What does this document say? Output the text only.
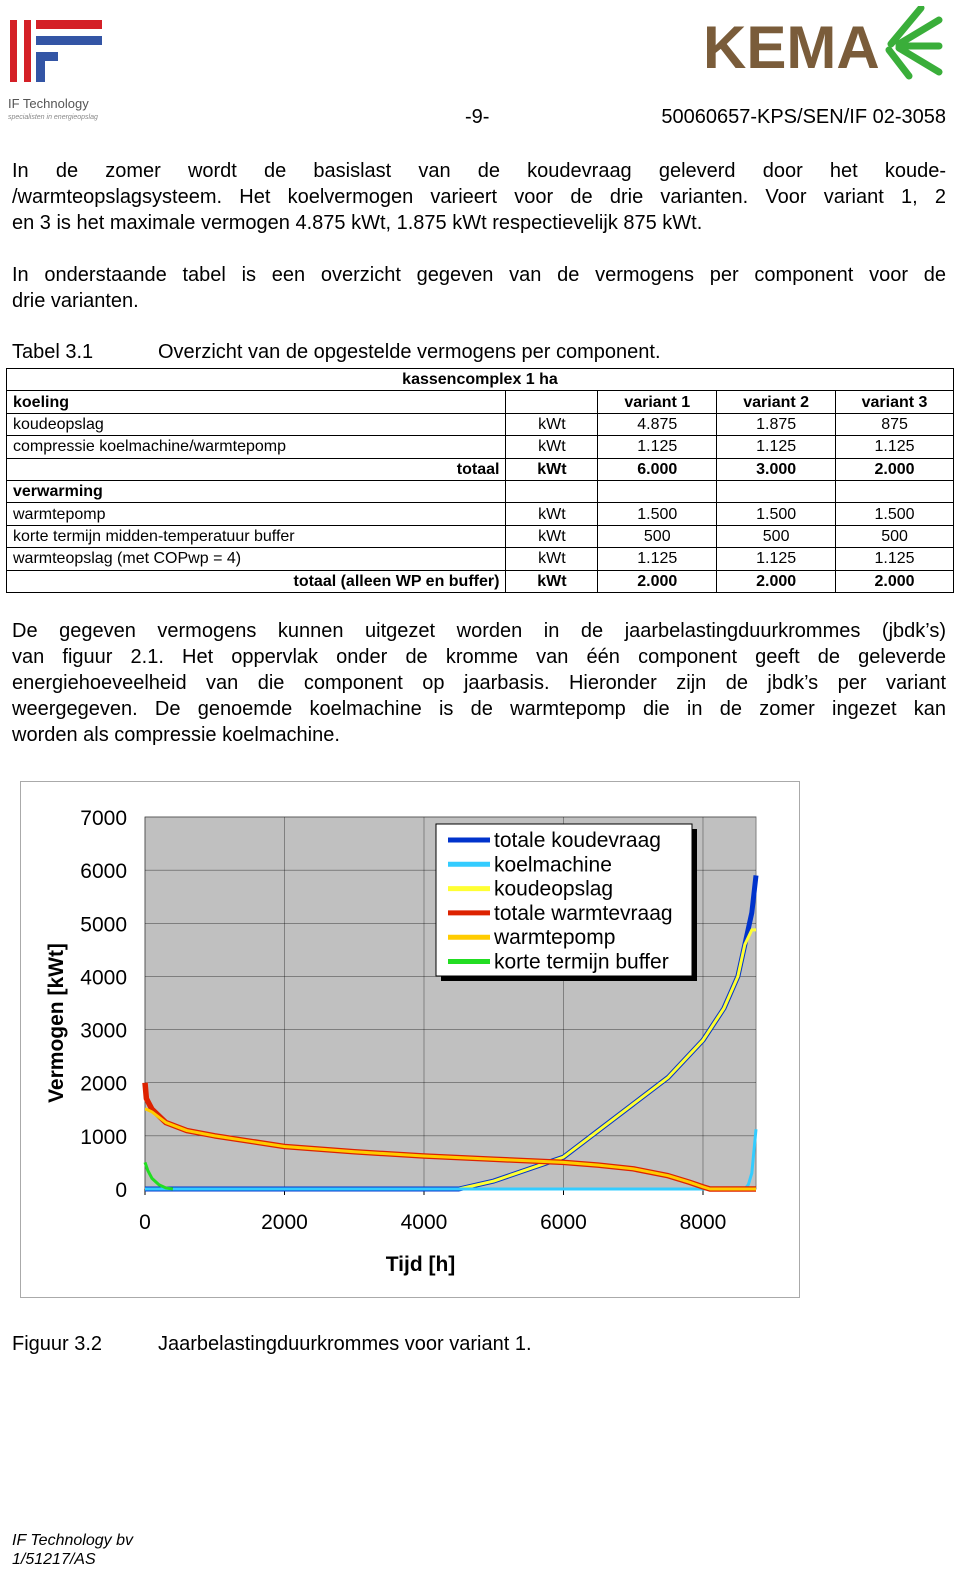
IF Technology
specialisten in energieopslag
KEMA
-9-	50060657-KPS/SEN/IF 02-3058
In de zomer wordt de basislast van de koudevraag geleverd door het koude-
/warmteopslagsysteem. Het koelvermogen varieert voor de drie varianten. Voor variant 1, 2
en 3 is het maximale vermogen 4.875 kWt, 1.875 kWt respectievelijk 875 kWt.
In onderstaande tabel is een overzicht gegeven van de vermogens per component voor de
drie varianten.
Tabel 3.1	Overzicht van de opgestelde vermogens per component.
kassencomplex 1 ha				
koeling		variant 1	variant 2	variant 3
koudeopslag	kWt	4.875	1.875	875
compressie koelmachine/warmtepomp	kWt	1.125	1.125	1.125
totaal	kWt	6.000	3.000	2.000
verwarming				
warmtepomp	kWt	1.500	1.500	1.500
korte termijn midden-temperatuur buffer	kWt	500	500	500
warmteopslag (met COPwp = 4)	kWt	1.125	1.125	1.125
totaal (alleen WP en buffer)	kWt	2.000	2.000	2.000
De gegeven vermogens kunnen uitgezet worden in de jaarbelastingduurkrommes (jbdk’s)
van figuur 2.1. Het oppervlak onder de kromme van één component geeft de geleverde
energiehoeveelheid van die component op jaarbasis. Hieronder zijn de jbdk’s per variant
weergegeven. De genoemde koelmachine is de warmtepomp die in de zomer ingezet kan
worden als compressie koelmachine.
0
1000
2000
3000
4000
5000
6000
7000
0	2000	4000	6000	8000
Tijd [h]
Vermogen [kWt]
totale koudevraag
koelmachine
koudeopslag
totale warmtevraag
warmtepomp
korte termijn buffer
Figuur 3.2	Jaarbelastingduurkrommes voor variant 1.
IF Technology bv
1/51217/AS
